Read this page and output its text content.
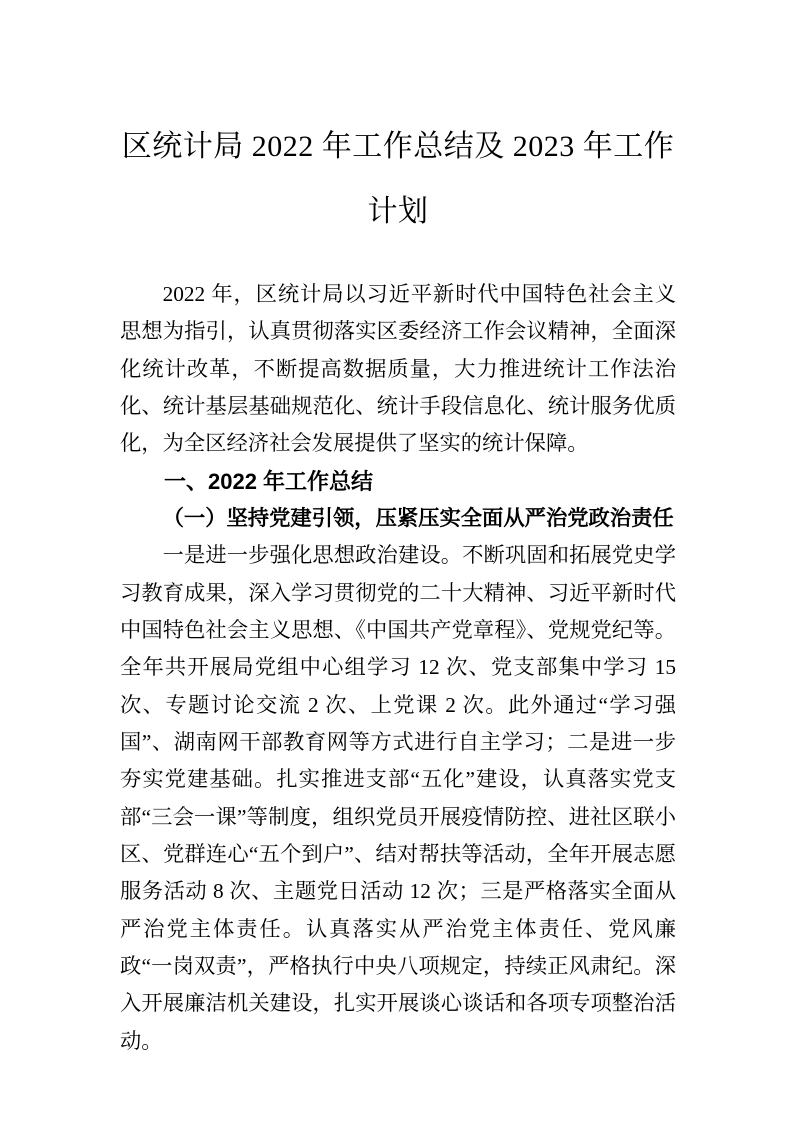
区统计局 2022 年工作总结及 2023 年工作计划

2022 年，区统计局以习近平新时代中国特色社会主义思想为指引，认真贯彻落实区委经济工作会议精神，全面深化统计改革，不断提高数据质量，大力推进统计工作法治化、统计基层基础规范化、统计手段信息化、统计服务优质化，为全区经济社会发展提供了坚实的统计保障。

一、2022 年工作总结
（一）坚持党建引领，压紧压实全面从严治党政治责任

一是进一步强化思想政治建设。不断巩固和拓展党史学习教育成果，深入学习贯彻党的二十大精神、习近平新时代中国特色社会主义思想、《中国共产党章程》、党规党纪等。全年共开展局党组中心组学习 12 次、党支部集中学习 15 次、专题讨论交流 2 次、上党课 2 次。此外通过“学习强国”、湖南网干部教育网等方式进行自主学习；二是进一步夯实党建基础。扎实推进支部“五化”建设，认真落实党支部“三会一课”等制度，组织党员开展疫情防控、进社区联小区、党群连心“五个到户”、结对帮扶等活动，全年开展志愿服务活动 8 次、主题党日活动 12 次；三是严格落实全面从严治党主体责任。认真落实从严治党主体责任、党风廉政“一岗双责”，严格执行中央八项规定，持续正风肃纪。深入开展廉洁机关建设，扎实开展谈心谈话和各项专项整治活动。
